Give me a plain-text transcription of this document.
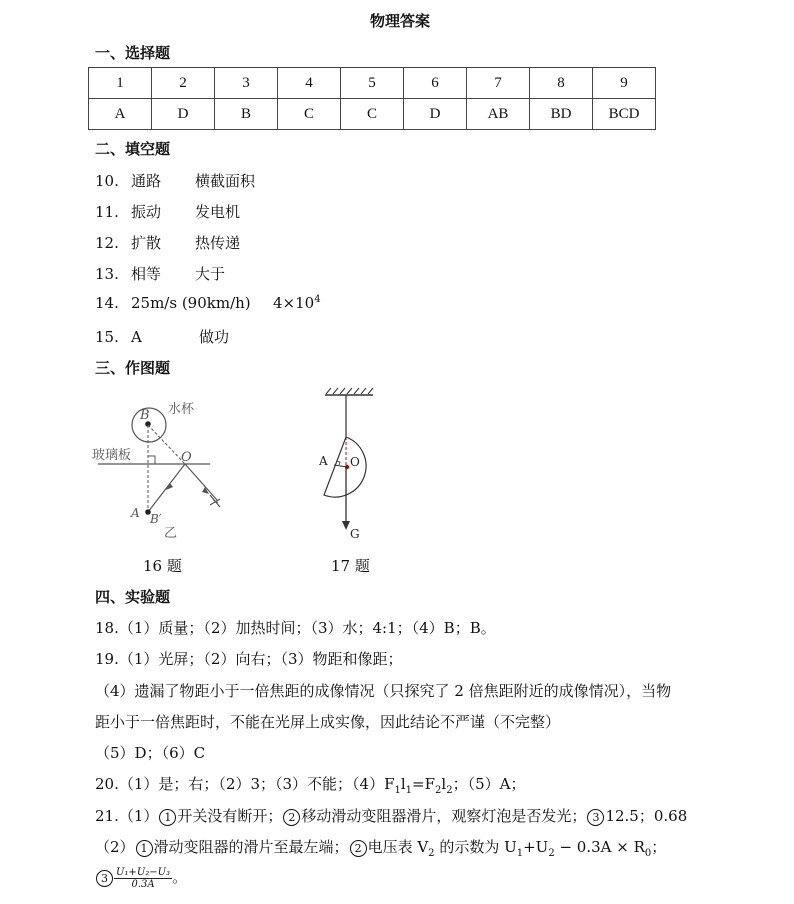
物理答案
一、选择题
1	2	3	4	5	6	7	8	9
A	D	B	C	C	D	AB	BD	BCD
二、填空题
10. 通路 横截面积
11. 振动 发电机
12. 扩散 热传递
13. 相等 大于
14. 25m/s (90km/h) $4\times 10^4$
15. A	做功
三、作图题
B 水杯
玻璃板	O
A B′
乙
16 题
A O
G
17 题
四、实验题
18.（1）质量；（2）加热时间；（3）水；4:1；（4）B；B。
19.（1）光屏；（2）向右；（3）物距和像距；
（4）遗漏了物距小于一倍焦距的成像情况（只探究了 2 倍焦距附近的成像情况），当物
距小于一倍焦距时，不能在光屏上成实像，因此结论不严谨（不完整）
（5）D；（6）C
20.（1）是；右；（2）3；（3）不能；$(4)F_1l_1=F_2l_2$；（5）A；
21.（1） 1 开关没有断开； 2 移动滑动变阻器滑片，观察灯泡是否发光； 3 12.5；0.68
（2） 1 滑动变阻器的滑片至最左端； 2 电压表 $V_2$ 的示数为 $U_1+U_2 - 0.3A \times R_0$；
$3 \frac{\text{U₁+U₂−U₃}}{0.3A}$ 。
